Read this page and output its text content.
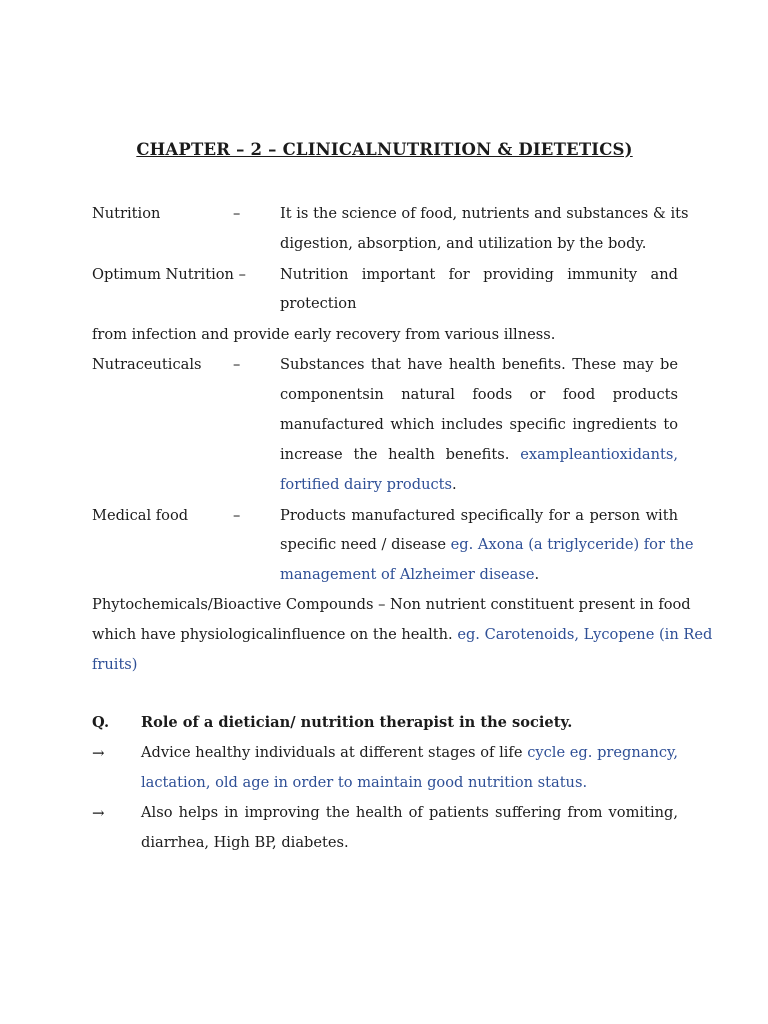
CHAPTER – 2 – CLINICALNUTRITION & DIETETICS)
Nutrition	–	It is the science of food, nutrients and substances & its
digestion, absorption, and utilization by the body.
Optimum Nutrition – Nutrition important for providing immunity and
protection
from infection and provide early recovery from various illness.
Nutraceuticals –	Substances that have health benefits. These may be
componentsin natural foods or food products
manufactured which includes specific ingredients to
increase the health benefits. exampleantioxidants,
fortified dairy products.
Medical food	–	Products manufactured specifically for a person with
specific need / disease eg. Axona (a triglyceride) for the
management of Alzheimer disease.
Phytochemicals/Bioactive Compounds – Non nutrient constituent present in food
which have physiologicalinfluence on the health. eg. Carotenoids, Lycopene (in Red
fruits)
Q. Role of a dietician/ nutrition therapist in the society.
→ Advice healthy individuals at different stages of life cycle eg. pregnancy,
lactation, old age in order to maintain good nutrition status.
→ Also helps in improving the health of patients suffering from vomiting,
diarrhea, High BP, diabetes.
